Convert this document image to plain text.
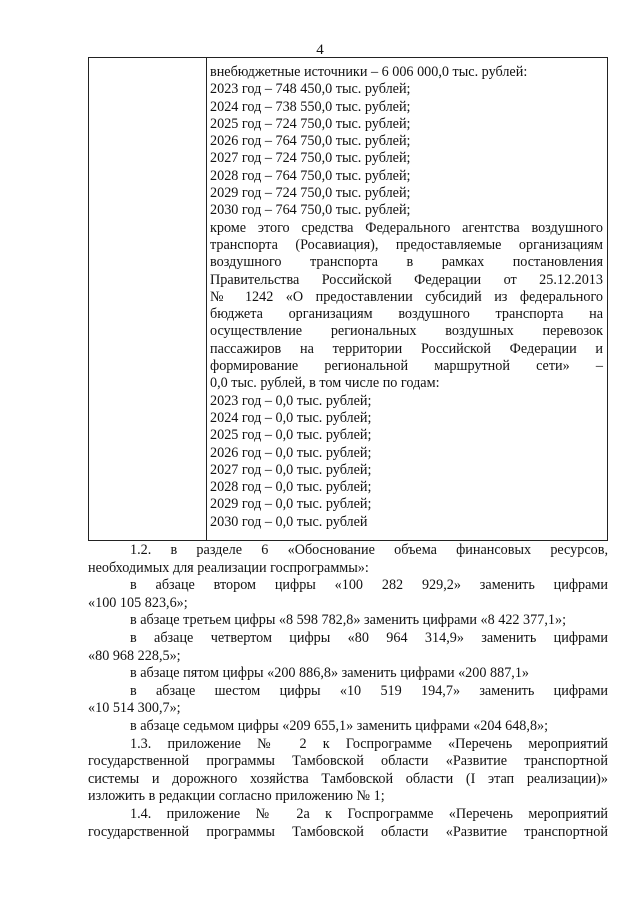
4
внебюджетные источники – 6 006 000,0 тыс. рублей:
2023 год – 748 450,0 тыс. рублей;
2024 год – 738 550,0 тыс. рублей;
2025 год – 724 750,0 тыс. рублей;
2026 год – 764 750,0 тыс. рублей;
2027 год – 724 750,0 тыс. рублей;
2028 год – 764 750,0 тыс. рублей;
2029 год – 724 750,0 тыс. рублей;
2030 год – 764 750,0 тыс. рублей;
кроме этого средства Федерального агентства воздушного
транспорта (Росавиация), предоставляемые организациям
воздушного транспорта в рамках постановления
Правительства Российской Федерации от 25.12.2013
№ 1242 «О предоставлении субсидий из федерального
бюджета организациям воздушного транспорта на
осуществление региональных воздушных перевозок
пассажиров на территории Российской Федерации и
формирование региональной маршрутной сети» –
0,0 тыс. рублей, в том числе по годам:
2023 год – 0,0 тыс. рублей;
2024 год – 0,0 тыс. рублей;
2025 год – 0,0 тыс. рублей;
2026 год – 0,0 тыс. рублей;
2027 год – 0,0 тыс. рублей;
2028 год – 0,0 тыс. рублей;
2029 год – 0,0 тыс. рублей;
2030 год – 0,0 тыс. рублей
1.2. в разделе 6 «Обоснование объема финансовых ресурсов,
необходимых для реализации госпрограммы»:
в абзаце втором цифры «100 282 929,2» заменить цифрами
«100 105 823,6»;
в абзаце третьем цифры «8 598 782,8» заменить цифрами «8 422 377,1»;
в абзаце четвертом цифры «80 964 314,9» заменить цифрами
«80 968 228,5»;
в абзаце пятом цифры «200 886,8» заменить цифрами «200 887,1»
в абзаце шестом цифры «10 519 194,7» заменить цифрами
«10 514 300,7»;
в абзаце седьмом цифры «209 655,1» заменить цифрами «204 648,8»;
1.3. приложение № 2 к Госпрограмме «Перечень мероприятий
государственной программы Тамбовской области «Развитие транспортной
системы и дорожного хозяйства Тамбовской области (I этап реализации)»
изложить в редакции согласно приложению № 1;
1.4. приложение № 2а к Госпрограмме «Перечень мероприятий
государственной программы Тамбовской области «Развитие транспортной
